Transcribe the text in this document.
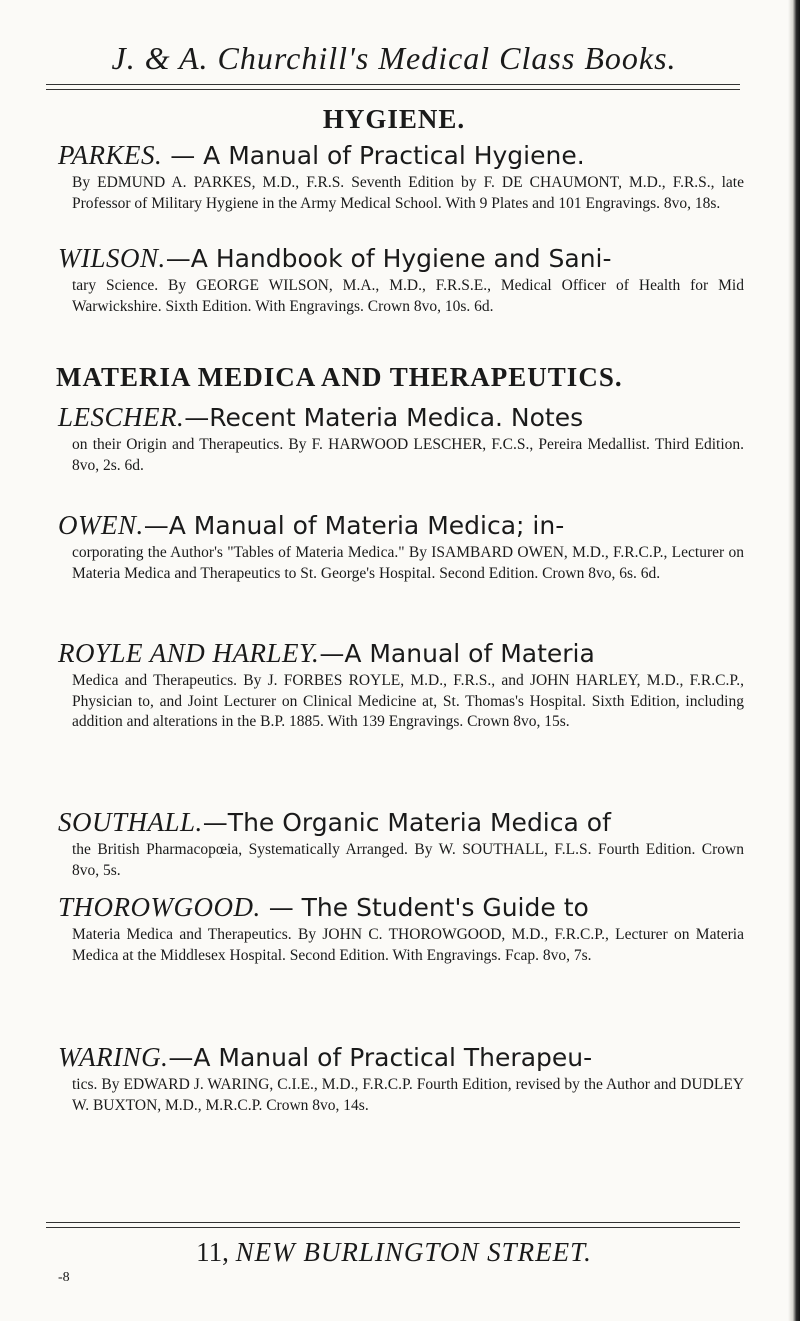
J. & A. Churchill's Medical Class Books.
HYGIENE.
PARKES. — A Manual of Practical Hygiene.
By EDMUND A. PARKES, M.D., F.R.S. Seventh Edition by F. DE CHAUMONT, M.D., F.R.S., late Professor of Military Hygiene in the Army Medical School. With 9 Plates and 101 Engravings. 8vo, 18s.
WILSON.—A Handbook of Hygiene and Sani-
tary Science. By GEORGE WILSON, M.A., M.D., F.R.S.E., Medical Officer of Health for Mid Warwickshire. Sixth Edition. With Engravings. Crown 8vo, 10s. 6d.
MATERIA MEDICA AND THERAPEUTICS.
LESCHER.—Recent Materia Medica. Notes
on their Origin and Therapeutics. By F. HARWOOD LESCHER, F.C.S., Pereira Medallist. Third Edition. 8vo, 2s. 6d.
OWEN.—A Manual of Materia Medica; in-
corporating the Author's "Tables of Materia Medica." By ISAMBARD OWEN, M.D., F.R.C.P., Lecturer on Materia Medica and Therapeutics to St. George's Hospital. Second Edition. Crown 8vo, 6s. 6d.
ROYLE AND HARLEY.—A Manual of Materia
Medica and Therapeutics. By J. FORBES ROYLE, M.D., F.R.S., and JOHN HARLEY, M.D., F.R.C.P., Physician to, and Joint Lecturer on Clinical Medicine at, St. Thomas's Hospital. Sixth Edition, including addition and alterations in the B.P. 1885. With 139 Engravings. Crown 8vo, 15s.
SOUTHALL.—The Organic Materia Medica of
the British Pharmacopœia, Systematically Arranged. By W. SOUTHALL, F.L.S. Fourth Edition. Crown 8vo, 5s.
THOROWGOOD. — The Student's Guide to
Materia Medica and Therapeutics. By JOHN C. THOROWGOOD, M.D., F.R.C.P., Lecturer on Materia Medica at the Middlesex Hospital. Second Edition. With Engravings. Fcap. 8vo, 7s.
WARING.—A Manual of Practical Therapeu-
tics. By EDWARD J. WARING, C.I.E., M.D., F.R.C.P. Fourth Edition, revised by the Author and DUDLEY W. BUXTON, M.D., M.R.C.P. Crown 8vo, 14s.
11, NEW BURLINGTON STREET.
-8
